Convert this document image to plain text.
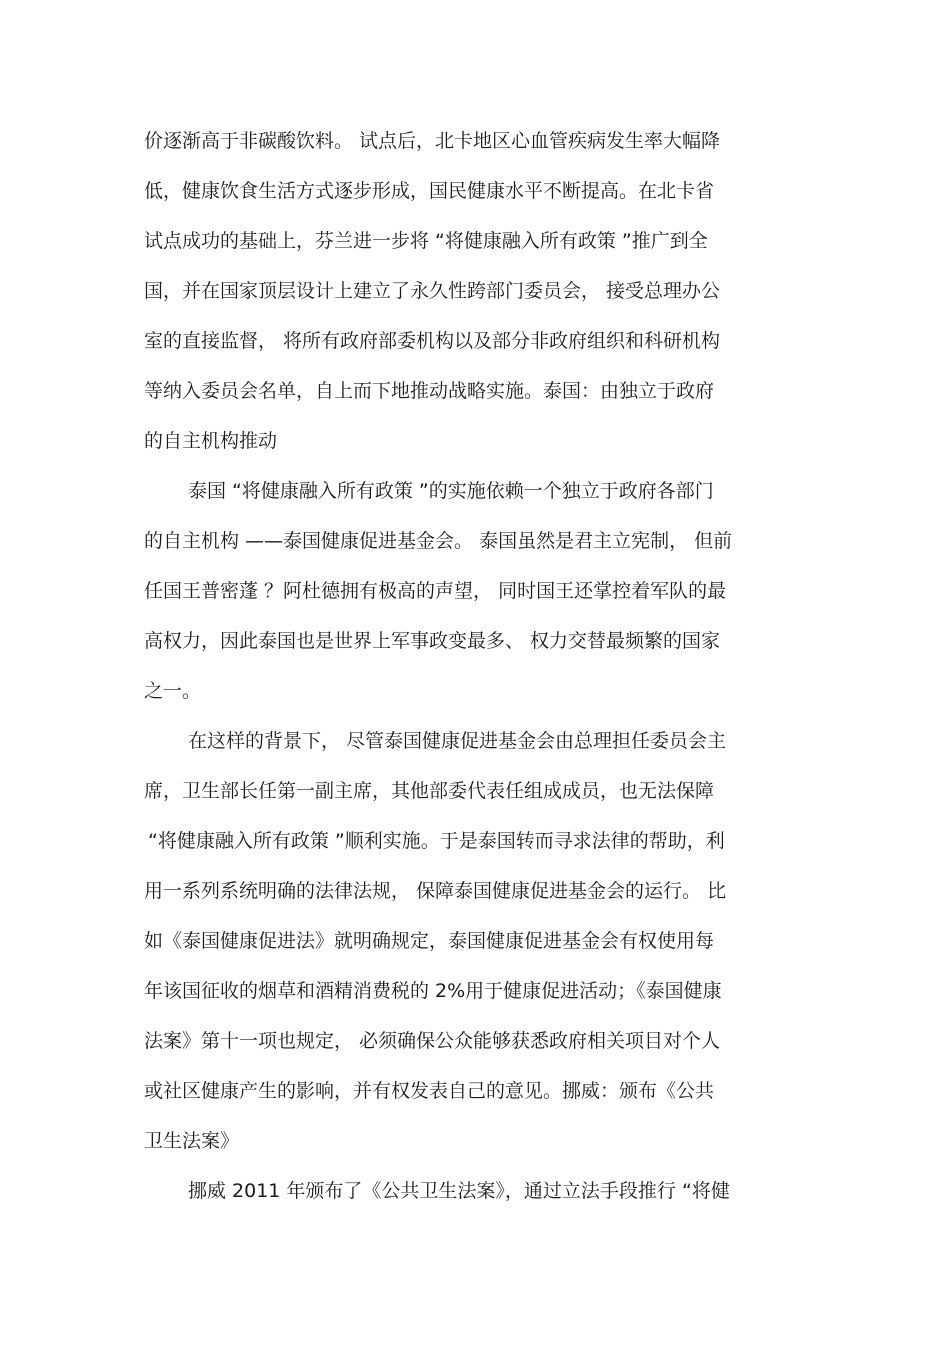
价逐渐高于非碳酸饮料。 试点后，北卡地区心血管疾病发生率大幅降

低，健康饮食生活方式逐步形成，国民健康水平不断提高。在北卡省

试点成功的基础上，芬兰进一步将 “将健康融入所有政策 ”推广到全

国，并在国家顶层设计上建立了永久性跨部门委员会， 接受总理办公

室的直接监督， 将所有政府部委机构以及部分非政府组织和科研机构

等纳入委员会名单，自上而下地推动战略实施。泰国：由独立于政府

的自主机构推动

泰国 “将健康融入所有政策 ”的实施依赖一个独立于政府各部门

的自主机构 ——泰国健康促进基金会。 泰国虽然是君主立宪制， 但前

任国王普密蓬 ？阿杜德拥有极高的声望， 同时国王还掌控着军队的最

高权力，因此泰国也是世界上军事政变最多、 权力交替最频繁的国家

之一。

在这样的背景下， 尽管泰国健康促进基金会由总理担任委员会主

席，卫生部长任第一副主席，其他部委代表任组成成员，也无法保障

“将健康融入所有政策 ”顺利实施。于是泰国转而寻求法律的帮助，利

用一系列系统明确的法律法规， 保障泰国健康促进基金会的运行。 比

如《泰国健康促进法》就明确规定，泰国健康促进基金会有权使用每

年该国征收的烟草和酒精消费税的 2%用于健康促进活动；《泰国健康

法案》第十一项也规定， 必须确保公众能够获悉政府相关项目对个人

或社区健康产生的影响，并有权发表自己的意见。挪威：颁布《公共

卫生法案》

挪威 2011 年颁布了《公共卫生法案》，通过立法手段推行 “将健
